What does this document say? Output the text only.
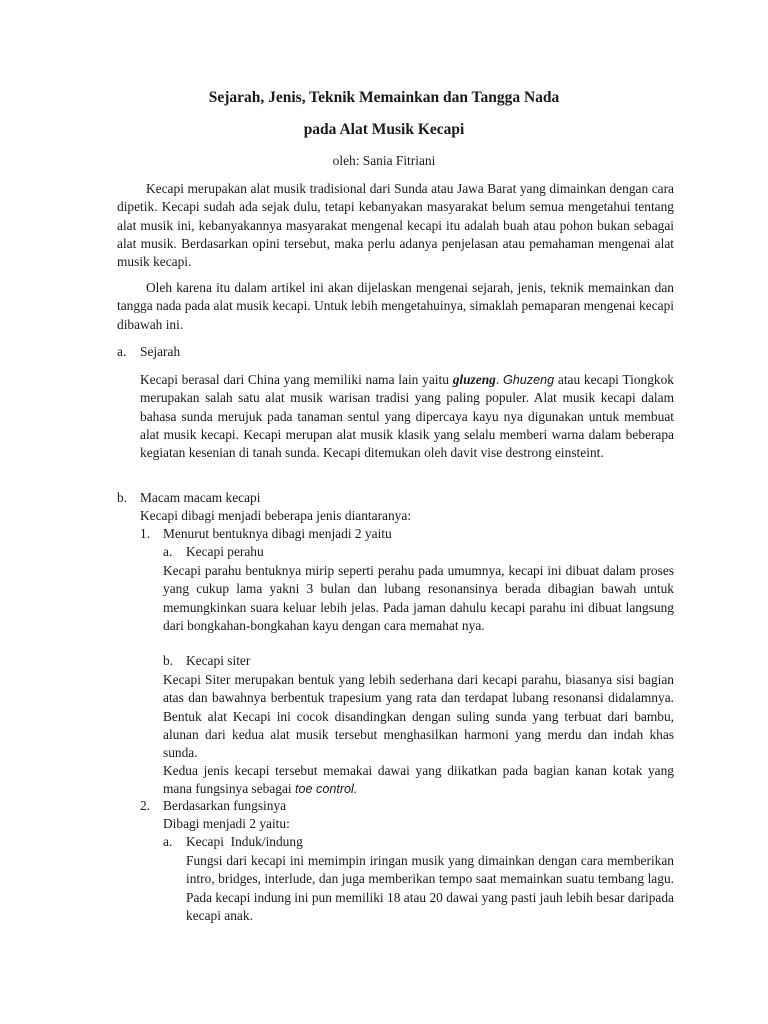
Sejarah, Jenis, Teknik Memainkan dan Tangga Nada
pada Alat Musik Kecapi
oleh: Sania Fitriani
Kecapi merupakan alat musik tradisional dari Sunda atau Jawa Barat yang dimainkan dengan cara dipetik. Kecapi sudah ada sejak dulu, tetapi kebanyakan masyarakat belum semua mengetahui tentang alat musik ini, kebanyakannya masyarakat mengenal kecapi itu adalah buah atau pohon bukan sebagai alat musik. Berdasarkan opini tersebut, maka perlu adanya penjelasan atau pemahaman mengenai alat musik kecapi.
Oleh karena itu dalam artikel ini akan dijelaskan mengenai sejarah, jenis, teknik memainkan dan tangga nada pada alat musik kecapi. Untuk lebih mengetahuinya, simaklah pemaparan mengenai kecapi dibawah ini.
a. Sejarah
Kecapi berasal dari China yang memiliki nama lain yaitu gluzeng. Ghuzeng atau kecapi Tiongkok merupakan salah satu alat musik warisan tradisi yang paling populer. Alat musik kecapi dalam bahasa sunda merujuk pada tanaman sentul yang dipercaya kayu nya digunakan untuk membuat alat musik kecapi. Kecapi merupan alat musik klasik yang selalu memberi warna dalam beberapa kegiatan kesenian di tanah sunda. Kecapi ditemukan oleh davit vise destrong einsteint.
b. Macam macam kecapi
Kecapi dibagi menjadi beberapa jenis diantaranya:
1. Menurut bentuknya dibagi menjadi 2 yaitu
a. Kecapi perahu
Kecapi parahu bentuknya mirip seperti perahu pada umumnya, kecapi ini dibuat dalam proses yang cukup lama yakni 3 bulan dan lubang resonansinya berada dibagian bawah untuk memungkinkan suara keluar lebih jelas. Pada jaman dahulu kecapi parahu ini dibuat langsung dari bongkahan-bongkahan kayu dengan cara memahat nya.
b. Kecapi siter
Kecapi Siter merupakan bentuk yang lebih sederhana dari kecapi parahu, biasanya sisi bagian atas dan bawahnya berbentuk trapesium yang rata dan terdapat lubang resonansi didalamnya. Bentuk alat Kecapi ini cocok disandingkan dengan suling sunda yang terbuat dari bambu, alunan dari kedua alat musik tersebut menghasilkan harmoni yang merdu dan indah khas sunda.
Kedua jenis kecapi tersebut memakai dawai yang diikatkan pada bagian kanan kotak yang mana fungsinya sebagai toe control.
2. Berdasarkan fungsinya
Dibagi menjadi 2 yaitu:
a. Kecapi  Induk/indung
Fungsi dari kecapi ini memimpin iringan musik yang dimainkan dengan cara memberikan intro, bridges, interlude, dan juga memberikan tempo saat memainkan suatu tembang lagu. Pada kecapi indung ini pun memiliki 18 atau 20 dawai yang pasti jauh lebih besar daripada kecapi anak.
